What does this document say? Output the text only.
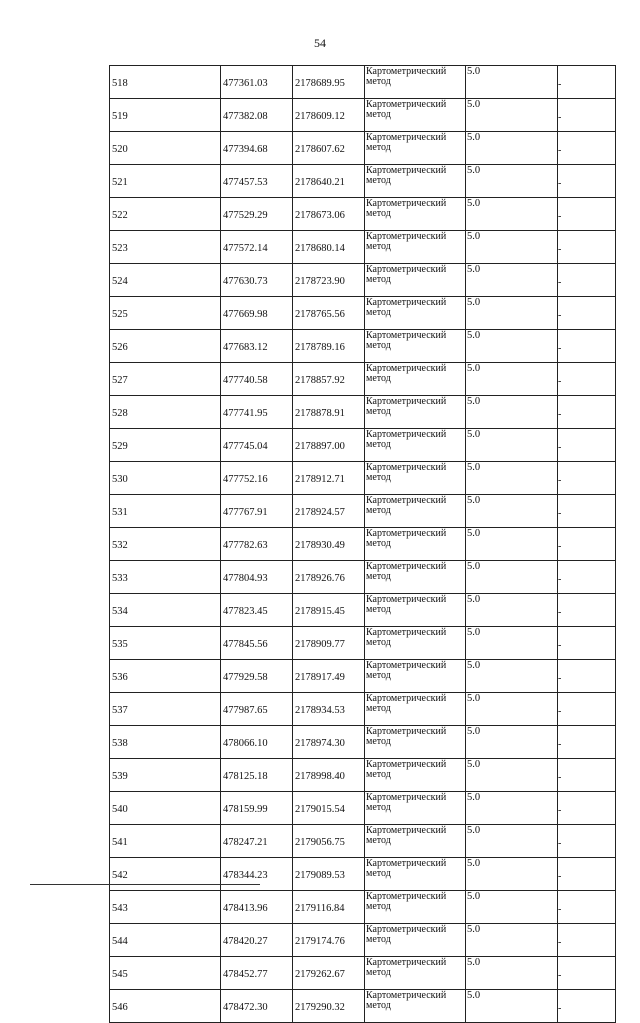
54
518	477361.03	2178689.95	Картометрический
метод	5.0	-
519	477382.08	2178609.12	Картометрический
метод	5.0	-
520	477394.68	2178607.62	Картометрический
метод	5.0	-
521	477457.53	2178640.21	Картометрический
метод	5.0	-
522	477529.29	2178673.06	Картометрический
метод	5.0	-
523	477572.14	2178680.14	Картометрический
метод	5.0	-
524	477630.73	2178723.90	Картометрический
метод	5.0	-
525	477669.98	2178765.56	Картометрический
метод	5.0	-
526	477683.12	2178789.16	Картометрический
метод	5.0	-
527	477740.58	2178857.92	Картометрический
метод	5.0	-
528	477741.95	2178878.91	Картометрический
метод	5.0	-
529	477745.04	2178897.00	Картометрический
метод	5.0	-
530	477752.16	2178912.71	Картометрический
метод	5.0	-
531	477767.91	2178924.57	Картометрический
метод	5.0	-
532	477782.63	2178930.49	Картометрический
метод	5.0	-
533	477804.93	2178926.76	Картометрический
метод	5.0	-
534	477823.45	2178915.45	Картометрический
метод	5.0	-
535	477845.56	2178909.77	Картометрический
метод	5.0	-
536	477929.58	2178917.49	Картометрический
метод	5.0	-
537	477987.65	2178934.53	Картометрический
метод	5.0	-
538	478066.10	2178974.30	Картометрический
метод	5.0	-
539	478125.18	2178998.40	Картометрический
метод	5.0	-
540	478159.99	2179015.54	Картометрический
метод	5.0	-
541	478247.21	2179056.75	Картометрический
метод	5.0	-
542	478344.23	2179089.53	Картометрический
метод	5.0	-
543	478413.96	2179116.84	Картометрический
метод	5.0	-
544	478420.27	2179174.76	Картометрический
метод	5.0	-
545	478452.77	2179262.67	Картометрический
метод	5.0	-
546	478472.30	2179290.32	Картометрический
метод	5.0	-
